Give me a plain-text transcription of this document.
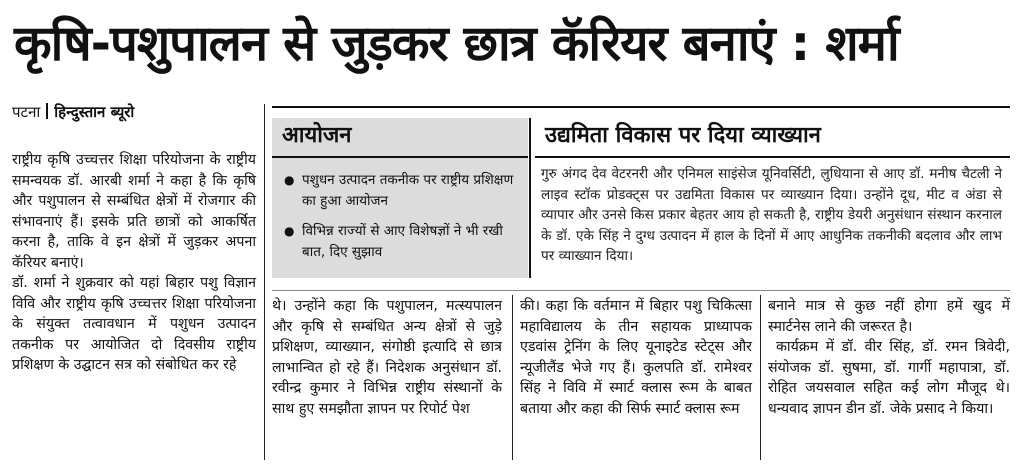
कृषि-पशुपालन से जुड़कर छात्र कॅरियर बनाएं : शर्मा
पटना हिन्दुस्तान ब्यूरो

राष्ट्रीय कृषि उच्चत्तर शिक्षा परियोजना के राष्ट्रीय समन्वयक डॉ. आरबी शर्मा ने कहा है कि कृषि और पशुपालन से सम्बंधित क्षेत्रों में रोजगार की संभावनाएं हैं। इसके प्रति छात्रों को आकर्षित करना है, ताकि वे इन क्षेत्रों में जुड़कर अपना कॅरियर बनाएं।

डॉ. शर्मा ने शुक्रवार को यहां बिहार पशु विज्ञान विवि और राष्ट्रीय कृषि उच्चत्तर शिक्षा परियोजना के संयुक्त तत्वावधान में पशुधन उत्पादन तकनीक पर आयोजित दो दिवसीय राष्ट्रीय प्रशिक्षण के उद्घाटन सत्र को संबोधित कर रहे

आयोजन
● पशुधन उत्पादन तकनीक पर राष्ट्रीय प्रशिक्षण का हुआ आयोजन
● विभिन्न राज्यों से आए विशेषज्ञों ने भी रखी बात, दिए सुझाव
उद्यमिता विकास पर दिया व्याख्यान
गुरु अंगद देव वेटरनरी और एनिमल साइंसेज यूनिवर्सिटी, लुधियाना से आए डॉ. मनीष चैटली ने लाइव स्टॉक प्रोडक्ट्स पर उद्यमिता विकास पर व्याख्यान दिया। उन्होंने दूध, मीट व अंडा से व्यापार और उनसे किस प्रकार बेहतर आय हो सकती है, राष्ट्रीय डेयरी अनुसंधान संस्थान करनाल के डॉ. एके सिंह ने दुग्ध उत्पादन में हाल के दिनों में आए आधुनिक तकनीकी बदलाव और लाभ पर व्याख्यान दिया।

थे। उन्होंने कहा कि पशुपालन, मत्स्यपालन और कृषि से सम्बंधित अन्य क्षेत्रों से जुड़े प्रशिक्षण, व्याख्यान, संगोष्ठी इत्यादि से छात्र लाभान्वित हो रहे हैं। निदेशक अनुसंधान डॉ. रवीन्द्र कुमार ने विभिन्न राष्ट्रीय संस्थानों के साथ हुए समझौता ज्ञापन पर रिपोर्ट पेश

की। कहा कि वर्तमान में बिहार पशु चिकित्सा महाविद्यालय के तीन सहायक प्राध्यापक एडवांस ट्रेनिंग के लिए यूनाइटेड स्टेट्स और न्यूजीलैंड भेजे गए हैं। कुलपति डॉ. रामेश्वर सिंह ने विवि में स्मार्ट क्लास रूम के बाबत बताया और कहा की सिर्फ स्मार्ट क्लास रूम

बनाने मात्र से कुछ नहीं होगा हमें खुद में स्मार्टनेस लाने की जरूरत है।

कार्यक्रम में डॉ. वीर सिंह, डॉ. रमन त्रिवेदी, संयोजक डॉ. सुषमा, डॉ. गार्गी महापात्रा, डॉ. रोहित जयसवाल सहित कई लोग मौजूद थे। धन्यवाद ज्ञापन डीन डॉ. जेके प्रसाद ने किया।
